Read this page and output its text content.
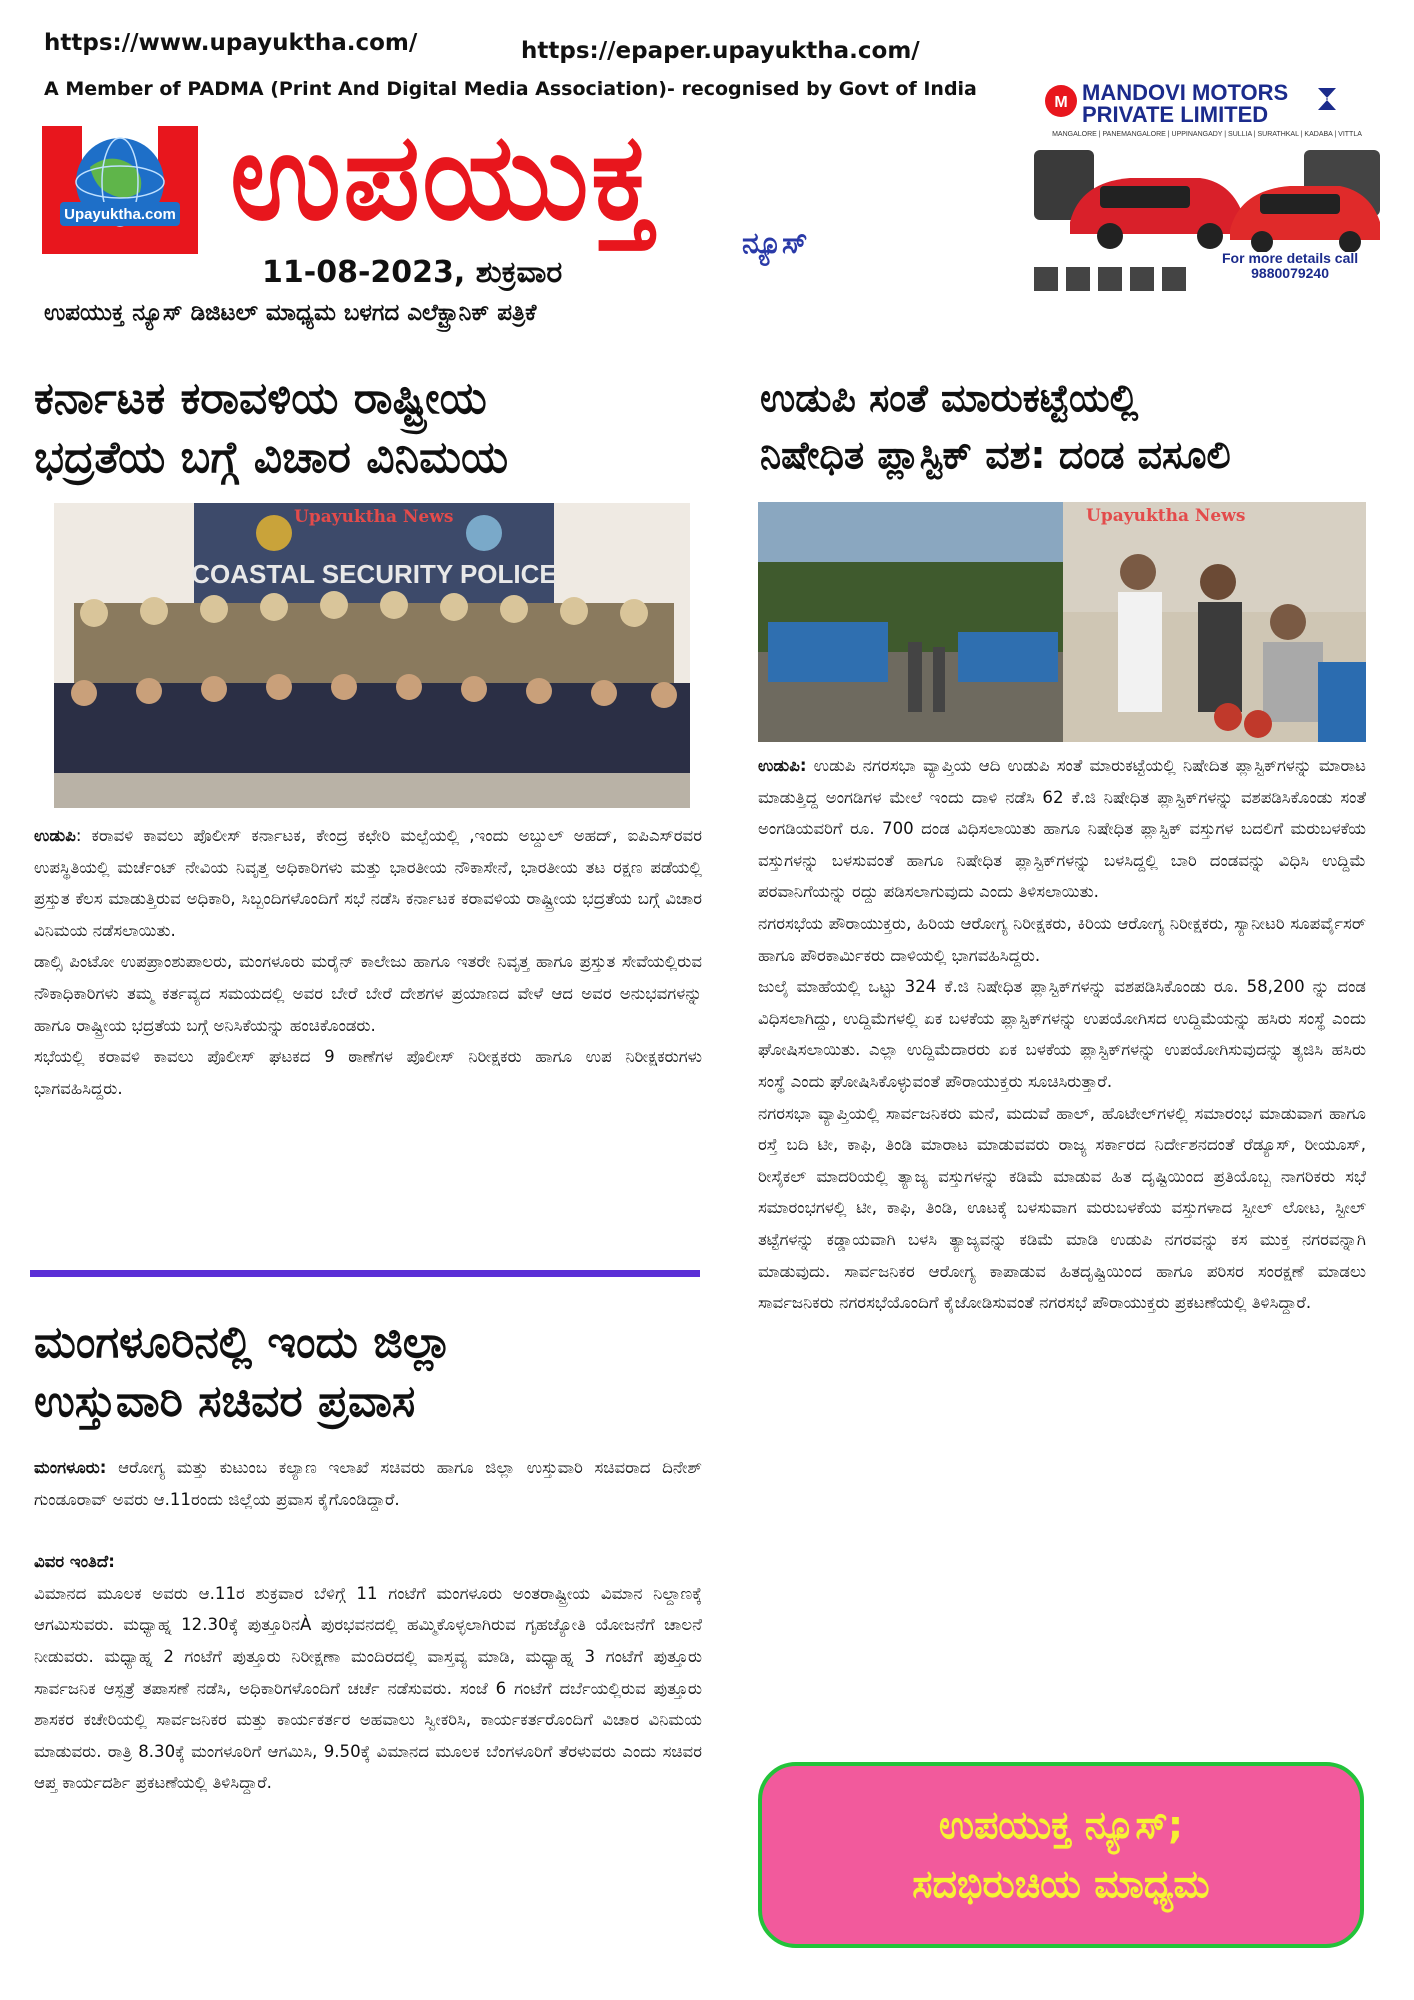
https://www.upayuktha.com/	https://epaper.upayuktha.com/
A Member of PADMA (Print And Digital Media Association)- recognised by Govt of India
Upayuktha.com ಉಪಯುಕ್ತ	ನ್ಯೂಸ್
11-08-2023, ಶುಕ್ರವಾರ
ಉಪಯುಕ್ತ ನ್ಯೂಸ್ ಡಿಜಿಟಲ್ ಮಾಧ್ಯಮ ಬಳಗದ ಎಲೆಕ್ಟ್ರಾನಿಕ್ ಪತ್ರಿಕೆ
M MANDOVI MOTORS
PRIVATE LIMITED
MANGALORE | PANEMANGALORE | UPPINANGADY | SULLIA | SURATHKAL | KADABA | VITTLA
For more details call
9880079240
ಕರ್ನಾಟಕ ಕರಾವಳಿಯ ರಾಷ್ಟ್ರೀಯ
ಭದ್ರತೆಯ ಬಗ್ಗೆ ವಿಚಾರ ವಿನಿಮಯ
COASTAL SECURITY POLICE
Upayuktha News

ಉಡುಪಿ: ಕರಾವಳಿ ಕಾವಲು ಪೊಲೀಸ್ ಕರ್ನಾಟಕ, ಕೇಂದ್ರ ಕಛೇರಿ ಮಲ್ಪೆಯಲ್ಲಿ ,ಇಂದು ಅಬ್ದುಲ್ ಅಹದ್, ಐಪಿಎಸ್‌ರವರ ಉಪಸ್ಥಿತಿಯಲ್ಲಿ ಮರ್ಚೆಂಟ್ ನೇವಿಯ ನಿವೃತ್ತ ಅಧಿಕಾರಿಗಳು ಮತ್ತು ಭಾರತೀಯ ನೌಕಾಸೇನೆ, ಭಾರತೀಯ ತಟ ರಕ್ಷಣ ಪಡೆಯಲ್ಲಿ ಪ್ರಸ್ತುತ ಕೆಲಸ ಮಾಡುತ್ತಿರುವ ಅಧಿಕಾರಿ, ಸಿಬ್ಬಂದಿಗಳೊಂದಿಗೆ ಸಭೆ ನಡೆಸಿ ಕರ್ನಾಟಕ ಕರಾವಳಿಯ ರಾಷ್ಟ್ರೀಯ ಭದ್ರತೆಯ ಬಗ್ಗೆ ವಿಚಾರ ವಿನಿಮಯ ನಡೆಸಲಾಯಿತು.

ಡಾಲ್ಸಿ ಪಿಂಟೋ ಉಪಪ್ರಾಂಶುಪಾಲರು, ಮಂಗಳೂರು ಮರೈನ್ ಕಾಲೇಜು ಹಾಗೂ ಇತರೇ ನಿವೃತ್ತ ಹಾಗೂ ಪ್ರಸ್ತುತ ಸೇವೆಯಲ್ಲಿರುವ ನೌಕಾಧಿಕಾರಿಗಳು ತಮ್ಮ ಕರ್ತವ್ಯದ ಸಮಯದಲ್ಲಿ ಅವರ ಬೇರೆ ಬೇರೆ ದೇಶಗಳ ಪ್ರಯಾಣದ ವೇಳೆ ಆದ ಅವರ ಅನುಭವಗಳನ್ನು ಹಾಗೂ ರಾಷ್ಟ್ರೀಯ ಭದ್ರತೆಯ ಬಗ್ಗೆ ಅನಿಸಿಕೆಯನ್ನು ಹಂಚಿಕೊಂಡರು.

ಸಭೆಯಲ್ಲಿ ಕರಾವಳಿ ಕಾವಲು ಪೊಲೀಸ್ ಘಟಕದ 9 ಠಾಣೆಗಳ ಪೊಲೀಸ್ ನಿರೀಕ್ಷಕರು ಹಾಗೂ ಉಪ ನಿರೀಕ್ಷಕರುಗಳು ಭಾಗವಹಿಸಿದ್ದರು.

ಮಂಗಳೂರಿನಲ್ಲಿ ಇಂದು ಜಿಲ್ಲಾ
ಉಸ್ತುವಾರಿ ಸಚಿವರ ಪ್ರವಾಸ

ಮಂಗಳೂರು: ಆರೋಗ್ಯ ಮತ್ತು ಕುಟುಂಬ ಕಲ್ಯಾಣ ಇಲಾಖೆ ಸಚಿವರು ಹಾಗೂ ಜಿಲ್ಲಾ ಉಸ್ತುವಾರಿ ಸಚಿವರಾದ ದಿನೇಶ್ ಗುಂಡೂರಾವ್ ಅವರು ಆ.11ರಂದು ಜಿಲ್ಲೆಯ ಪ್ರವಾಸ ಕೈಗೊಂಡಿದ್ದಾರೆ.

ವಿವರ ಇಂತಿದೆ:

ವಿಮಾನದ ಮೂಲಕ ಅವರು ಆ.11ರ ಶುಕ್ರವಾರ ಬೆಳಿಗ್ಗೆ 11 ಗಂಟೆಗೆ ಮಂಗಳೂರು ಅಂತರಾಷ್ಟ್ರೀಯ ವಿಮಾನ ನಿಲ್ದಾಣಕ್ಕೆ ಆಗಮಿಸುವರು. ಮಧ್ಯಾಹ್ನ 12.30ಕ್ಕೆ ಪುತ್ತೂರಿನÀ ಪುರಭವನದಲ್ಲಿ ಹಮ್ಮಿಕೊಳ್ಳಲಾಗಿರುವ ಗೃಹಜ್ಯೋತಿ ಯೋಜನೆಗೆ ಚಾಲನೆ ನೀಡುವರು. ಮಧ್ಯಾಹ್ನ 2 ಗಂಟೆಗೆ ಪುತ್ತೂರು ನಿರೀಕ್ಷಣಾ ಮಂದಿರದಲ್ಲಿ ವಾಸ್ತವ್ಯ ಮಾಡಿ, ಮಧ್ಯಾಹ್ನ 3 ಗಂಟೆಗೆ ಪುತ್ತೂರು ಸಾರ್ವಜನಿಕ ಆಸ್ಪತ್ರೆ ತಪಾಸಣೆ ನಡೆಸಿ, ಅಧಿಕಾರಿಗಳೊಂದಿಗೆ ಚರ್ಚೆ ನಡೆಸುವರು. ಸಂಜೆ 6 ಗಂಟೆಗೆ ದರ್ಬೆಯಲ್ಲಿರುವ ಪುತ್ತೂರು ಶಾಸಕರ ಕಚೇರಿಯಲ್ಲಿ ಸಾರ್ವಜನಿಕರ ಮತ್ತು ಕಾರ್ಯಕರ್ತರ ಅಹವಾಲು ಸ್ವೀಕರಿಸಿ, ಕಾರ್ಯಕರ್ತರೊಂದಿಗೆ ವಿಚಾರ ವಿನಿಮಯ ಮಾಡುವರು. ರಾತ್ರಿ 8.30ಕ್ಕೆ ಮಂಗಳೂರಿಗೆ ಆಗಮಿಸಿ, 9.50ಕ್ಕೆ ವಿಮಾನದ ಮೂಲಕ ಬೆಂಗಳೂರಿಗೆ ತೆರಳುವರು ಎಂದು ಸಚಿವರ ಆಪ್ತ ಕಾರ್ಯದರ್ಶಿ ಪ್ರಕಟಣೆಯಲ್ಲಿ ತಿಳಿಸಿದ್ದಾರೆ.

ಉಡುಪಿ ಸಂತೆ ಮಾರುಕಟ್ಟೆಯಲ್ಲಿ
ನಿಷೇಧಿತ ಪ್ಲಾಸ್ಟಿಕ್ ವಶ: ದಂಡ ವಸೂಲಿ
Upayuktha News

ಉಡುಪಿ: ಉಡುಪಿ ನಗರಸಭಾ ವ್ಯಾಪ್ತಿಯ ಆದಿ ಉಡುಪಿ ಸಂತೆ ಮಾರುಕಟ್ಟೆಯಲ್ಲಿ ನಿಷೇದಿತ ಪ್ಲಾಸ್ಟಿಕ್‌ಗಳನ್ನು ಮಾರಾಟ ಮಾಡುತ್ತಿದ್ದ ಅಂಗಡಿಗಳ ಮೇಲೆ ಇಂದು ದಾಳಿ ನಡೆಸಿ 62 ಕೆ.ಜಿ ನಿಷೇಧಿತ ಪ್ಲಾಸ್ಟಿಕ್‌ಗಳನ್ನು ವಶಪಡಿಸಿಕೊಂಡು ಸಂತೆ ಅಂಗಡಿಯವರಿಗೆ ರೂ. 700 ದಂಡ ವಿಧಿಸಲಾಯಿತು ಹಾಗೂ ನಿಷೇಧಿತ ಪ್ಲಾಸ್ಟಿಕ್ ವಸ್ತುಗಳ ಬದಲಿಗೆ ಮರುಬಳಕೆಯ ವಸ್ತುಗಳನ್ನು ಬಳಸುವಂತೆ ಹಾಗೂ ನಿಷೇಧಿತ ಪ್ಲಾಸ್ಟಿಕ್‌ಗಳನ್ನು ಬಳಸಿದ್ದಲ್ಲಿ ಬಾರಿ ದಂಡವನ್ನು ವಿಧಿಸಿ ಉದ್ದಿಮೆ ಪರವಾನಿಗೆಯನ್ನು ರದ್ದು ಪಡಿಸಲಾಗುವುದು ಎಂದು ತಿಳಿಸಲಾಯಿತು.

ನಗರಸಭೆಯ ಪೌರಾಯುಕ್ತರು, ಹಿರಿಯ ಆರೋಗ್ಯ ನಿರೀಕ್ಷಕರು, ಕಿರಿಯ ಆರೋಗ್ಯ ನಿರೀಕ್ಷಕರು, ಸ್ಯಾನೀಟರಿ ಸೂಪರ್ವೈಸರ್ ಹಾಗೂ ಪೌರಕಾರ್ಮಿಕರು ದಾಳಿಯಲ್ಲಿ ಭಾಗವಹಿಸಿದ್ದರು.

ಜುಲೈ ಮಾಹೆಯಲ್ಲಿ ಒಟ್ಟು 324 ಕೆ.ಜಿ ನಿಷೇಧಿತ ಪ್ಲಾಸ್ಟಿಕ್‌ಗಳನ್ನು ವಶಪಡಿಸಿಕೊಂಡು ರೂ. 58,200 ನ್ನು ದಂಡ ವಿಧಿಸಲಾಗಿದ್ದು, ಉದ್ದಿಮೆಗಳಲ್ಲಿ ಏಕ ಬಳಕೆಯ ಪ್ಲಾಸ್ಟಿಕ್‌ಗಳನ್ನು ಉಪಯೋಗಿಸದ ಉದ್ದಿಮೆಯನ್ನು ಹಸಿರು ಸಂಸ್ಥೆ ಎಂದು ಘೋಷಿಸಲಾಯಿತು. ಎಲ್ಲಾ ಉದ್ದಿಮೆದಾರರು ಏಕ ಬಳಕೆಯ ಪ್ಲಾಸ್ಟಿಕ್‌ಗಳನ್ನು ಉಪಯೋಗಿಸುವುದನ್ನು ತ್ಯಜಿಸಿ ಹಸಿರು ಸಂಸ್ಥೆ ಎಂದು ಘೋಷಿಸಿಕೊಳ್ಳುವಂತೆ ಪೌರಾಯುಕ್ತರು ಸೂಚಿಸಿರುತ್ತಾರೆ.

ನಗರಸಭಾ ವ್ಯಾಪ್ತಿಯಲ್ಲಿ ಸಾರ್ವಜನಿಕರು ಮನೆ, ಮದುವೆ ಹಾಲ್, ಹೊಟೇಲ್‌ಗಳಲ್ಲಿ ಸಮಾರಂಭ ಮಾಡುವಾಗ ಹಾಗೂ ರಸ್ತೆ ಬದಿ ಟೀ, ಕಾಫಿ, ತಿಂಡಿ ಮಾರಾಟ ಮಾಡುವವರು ರಾಜ್ಯ ಸರ್ಕಾರದ ನಿರ್ದೇಶನದಂತೆ ರೆಡ್ಯೂಸ್, ರೀಯೂಸ್, ರೀಸೈಕಲ್ ಮಾದರಿಯಲ್ಲಿ ತ್ಯಾಜ್ಯ ವಸ್ತುಗಳನ್ನು ಕಡಿಮೆ ಮಾಡುವ ಹಿತ ದೃಷ್ಟಿಯಿಂದ ಪ್ರತಿಯೊಬ್ಬ ನಾಗರಿಕರು ಸಭೆ ಸಮಾರಂಭಗಳಲ್ಲಿ ಟೀ, ಕಾಫಿ, ತಿಂಡಿ, ಊಟಕ್ಕೆ ಬಳಸುವಾಗ ಮರುಬಳಕೆಯ ವಸ್ತುಗಳಾದ ಸ್ಟೀಲ್ ಲೋಟ, ಸ್ಟೀಲ್ ತಟ್ಟೆಗಳನ್ನು ಕಡ್ಡಾಯವಾಗಿ ಬಳಸಿ ತ್ಯಾಜ್ಯವನ್ನು ಕಡಿಮೆ ಮಾಡಿ ಉಡುಪಿ ನಗರವನ್ನು ಕಸ ಮುಕ್ತ ನಗರವನ್ನಾಗಿ ಮಾಡುವುದು. ಸಾರ್ವಜನಿಕರ ಆರೋಗ್ಯ ಕಾಪಾಡುವ ಹಿತದೃಷ್ಟಿಯಿಂದ ಹಾಗೂ ಪರಿಸರ ಸಂರಕ್ಷಣೆ ಮಾಡಲು ಸಾರ್ವಜನಿಕರು ನಗರಸಭೆಯೊಂದಿಗೆ ಕೈಜೋಡಿಸುವಂತೆ ನಗರಸಭೆ ಪೌರಾಯುಕ್ತರು ಪ್ರಕಟಣೆಯಲ್ಲಿ ತಿಳಿಸಿದ್ದಾರೆ.

ಉಪಯುಕ್ತ ನ್ಯೂಸ್;
ಸದಭಿರುಚಿಯ ಮಾಧ್ಯಮ
